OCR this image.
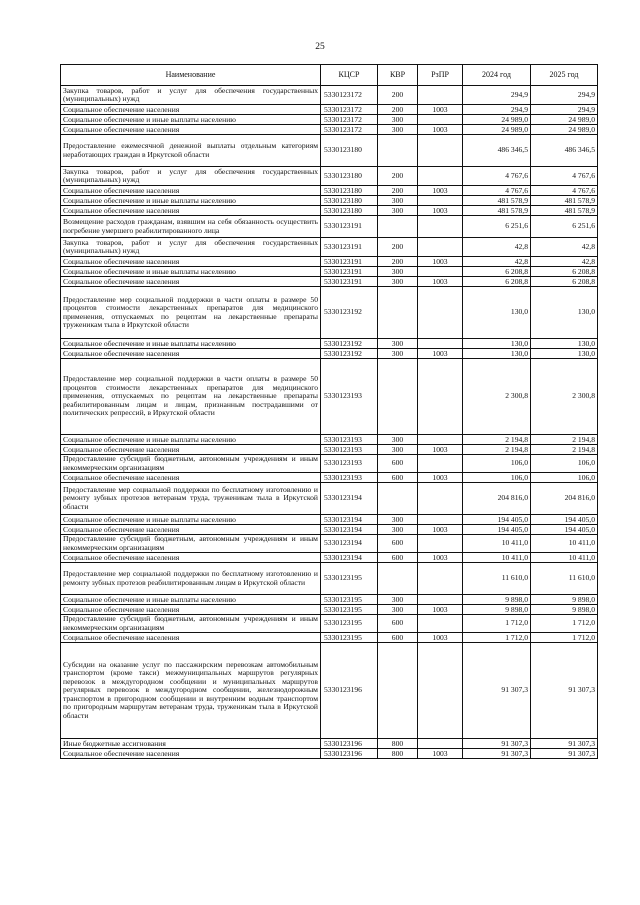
25
Наименование	КЦСР	КВР	РзПР	2024 год	2025 год
Закупка товаров, работ и услуг для обеспечения государственных (муниципальных) нужд	5330123172	200		294,9	294,9
Социальное обеспечение населения	5330123172	200	1003	294,9	294,9
Социальное обеспечение и иные выплаты населению	5330123172	300		24 989,0	24 989,0
Социальное обеспечение населения	5330123172	300	1003	24 989,0	24 989,0
Предоставление ежемесячной денежной выплаты отдельным категориям неработающих граждан в Иркутской области	5330123180			486 346,5	486 346,5
Закупка товаров, работ и услуг для обеспечения государственных (муниципальных) нужд	5330123180	200		4 767,6	4 767,6
Социальное обеспечение населения	5330123180	200	1003	4 767,6	4 767,6
Социальное обеспечение и иные выплаты населению	5330123180	300		481 578,9	481 578,9
Социальное обеспечение населения	5330123180	300	1003	481 578,9	481 578,9
Возмещение расходов гражданам, взявшим на себя обязанность осуществить погребение умершего реабилитированного лица	5330123191			6 251,6	6 251,6
Закупка товаров, работ и услуг для обеспечения государственных (муниципальных) нужд	5330123191	200		42,8	42,8
Социальное обеспечение населения	5330123191	200	1003	42,8	42,8
Социальное обеспечение и иные выплаты населению	5330123191	300		6 208,8	6 208,8
Социальное обеспечение населения	5330123191	300	1003	6 208,8	6 208,8
Предоставление мер социальной поддержки в части оплаты в размере 50 процентов стоимости лекарственных препаратов для медицинского применения, отпускаемых по рецептам на лекарственные препараты труженикам тыла в Иркутской области	5330123192			130,0	130,0
Социальное обеспечение и иные выплаты населению	5330123192	300		130,0	130,0
Социальное обеспечение населения	5330123192	300	1003	130,0	130,0
Предоставление мер социальной поддержки в части оплаты в размере 50 процентов стоимости лекарственных препаратов для медицинского применения, отпускаемых по рецептам на лекарственные препараты реабилитированным лицам и лицам, признанным пострадавшими от политических репрессий, в Иркутской области	5330123193			2 300,8	2 300,8
Социальное обеспечение и иные выплаты населению	5330123193	300		2 194,8	2 194,8
Социальное обеспечение населения	5330123193	300	1003	2 194,8	2 194,8
Предоставление субсидий бюджетным, автономным учреждениям и иным некоммерческим организациям	5330123193	600		106,0	106,0
Социальное обеспечение населения	5330123193	600	1003	106,0	106,0
Предоставление мер социальной поддержки по бесплатному изготовлению и ремонту зубных протезов ветеранам труда, труженикам тыла в Иркутской области	5330123194			204 816,0	204 816,0
Социальное обеспечение и иные выплаты населению	5330123194	300		194 405,0	194 405,0
Социальное обеспечение населения	5330123194	300	1003	194 405,0	194 405,0
Предоставление субсидий бюджетным, автономным учреждениям и иным некоммерческим организациям	5330123194	600		10 411,0	10 411,0
Социальное обеспечение населения	5330123194	600	1003	10 411,0	10 411,0
Предоставление мер социальной поддержки по бесплатному изготовлению и ремонту зубных протезов реабилитированным лицам в Иркутской области	5330123195			11 610,0	11 610,0
Социальное обеспечение и иные выплаты населению	5330123195	300		9 898,0	9 898,0
Социальное обеспечение населения	5330123195	300	1003	9 898,0	9 898,0
Предоставление субсидий бюджетным, автономным учреждениям и иным некоммерческим организациям	5330123195	600		1 712,0	1 712,0
Социальное обеспечение населения	5330123195	600	1003	1 712,0	1 712,0
Субсидии на оказание услуг по пассажирским перевозкам автомобильным транспортом (кроме такси) межмуниципальных маршрутов регулярных перевозок в междугородном сообщении и муниципальных маршрутов регулярных перевозок в междугородном сообщении, железнодорожным транспортом в пригородном сообщении и внутренним водным транспортом по пригородным маршрутам ветеранам труда, труженикам тыла в Иркутской области	5330123196			91 307,3	91 307,3
Иные бюджетные ассигнования	5330123196	800		91 307,3	91 307,3
Социальное обеспечение населения	5330123196	800	1003	91 307,3	91 307,3
